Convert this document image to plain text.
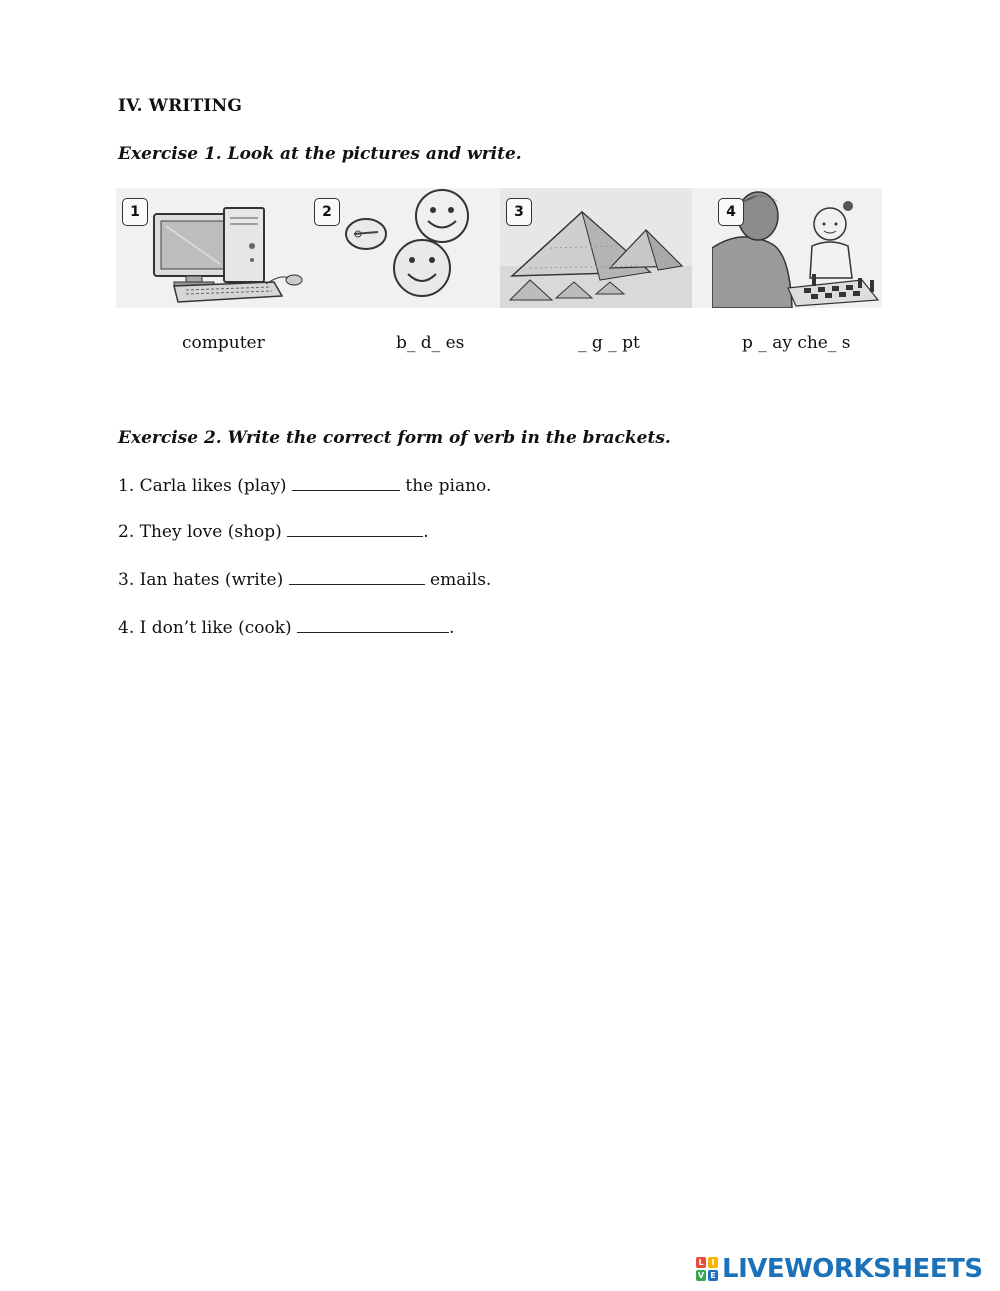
IV. WRITING
Exercise 1. Look at the pictures and write.
1	2	3	4
computer	b_ d_ es	_ g _ pt	p _ ay che_ s
Exercise 2. Write the correct form of verb in the brackets.
1. Carla likes (play)	the piano.
2. They love (shop)	.
3. Ian hates (write)	emails.
4. I don’t like (cook)	.
L I
V E LIVEWORKSHEETS
